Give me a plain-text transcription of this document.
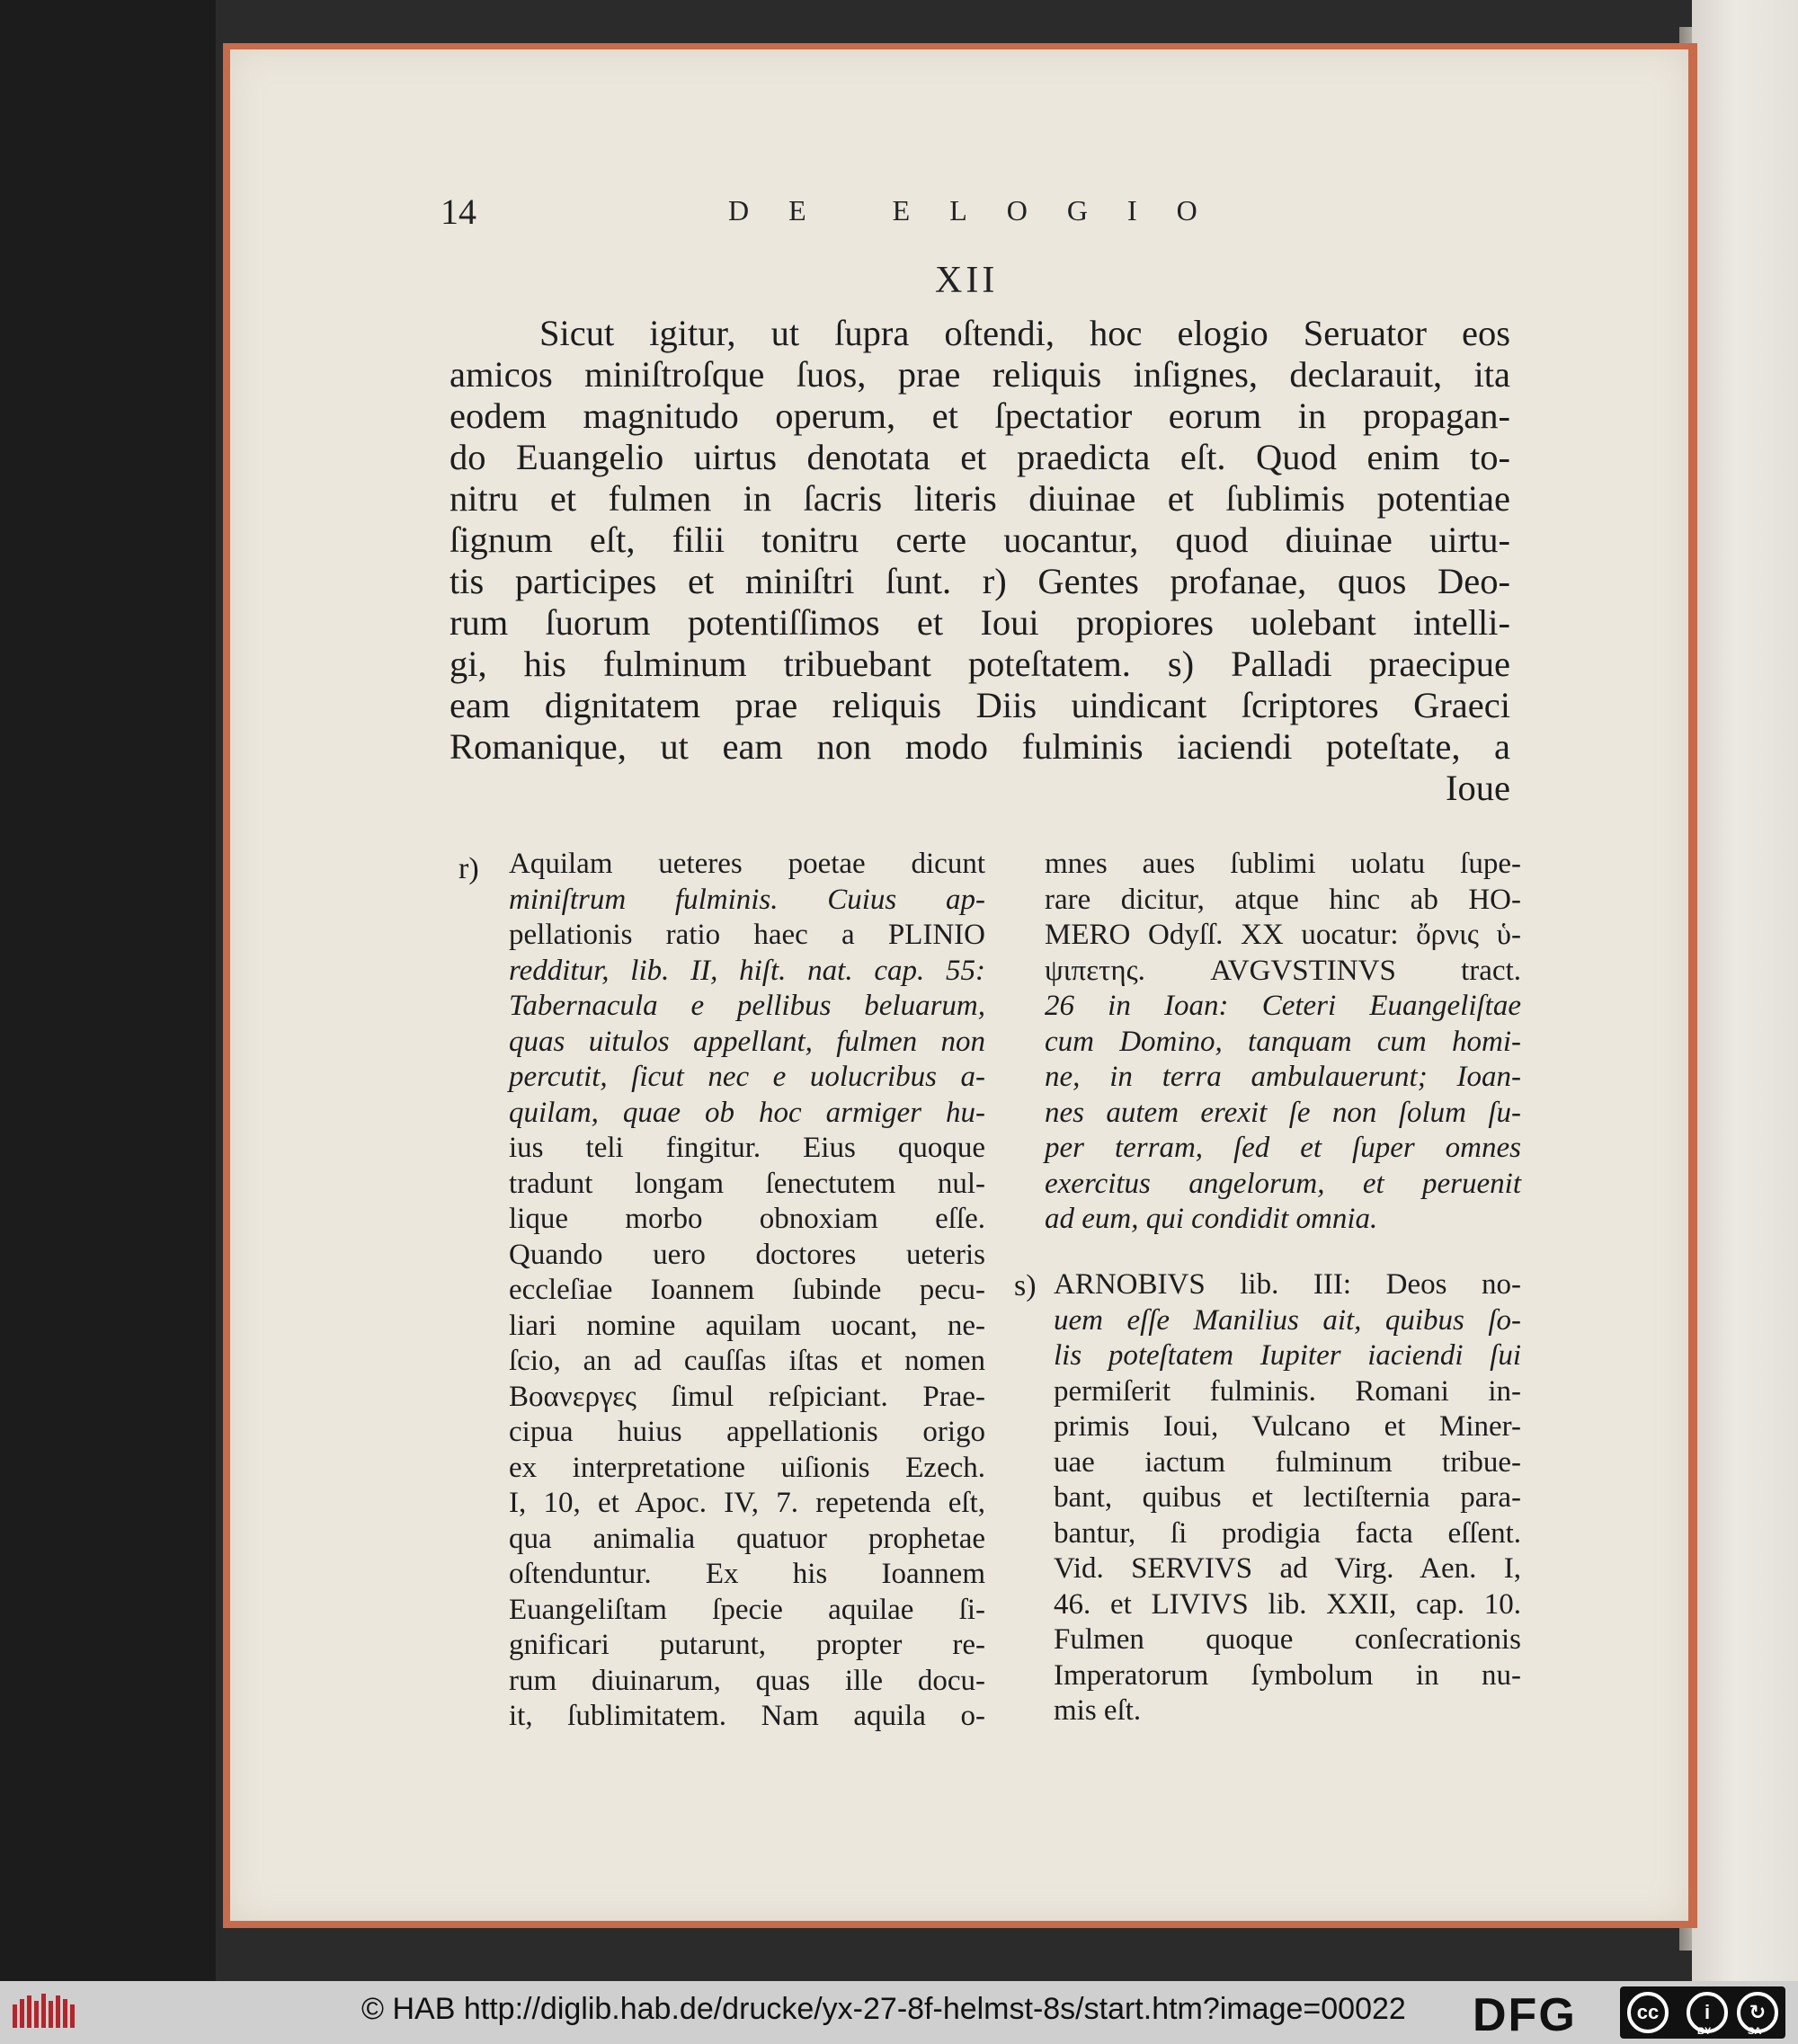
14	DE ELOGIO
XII
Sicut igitur, ut ſupra oſtendi, hoc elogio Seruator eos
amicos miniſtroſque ſuos, prae reliquis inſignes, declarauit, ita
eodem magnitudo operum, et ſpectatior eorum in propagan-
do Euangelio uirtus denotata et praedicta eſt. Quod enim to-
nitru et fulmen in ſacris literis diuinae et ſublimis potentiae
ſignum eſt, filii tonitru certe uocantur, quod diuinae uirtu-
tis participes et miniſtri ſunt. r) Gentes profanae, quos Deo-
rum ſuorum potentiſſimos et Ioui propiores uolebant intelli-
gi, his fulminum tribuebant poteſtatem. s) Palladi praecipue
eam dignitatem prae reliquis Diis uindicant ſcriptores Graeci
Romanique, ut eam non modo fulminis iaciendi poteſtate, a
Ioue
r) Aquilam ueteres poetae dicunt
miniſtrum fulminis. Cuius ap-
pellationis ratio haec a PLINIO
redditur, lib. II, hiſt. nat. cap. 55:
Tabernacula e pellibus beluarum,
quas uitulos appellant, fulmen non
percutit, ſicut nec e uolucribus a-
quilam, quae ob hoc armiger hu-
ius teli fingitur. Eius quoque
tradunt longam ſenectutem nul-
lique morbo obnoxiam eſſe.
Quando uero doctores ueteris
eccleſiae Ioannem ſubinde pecu-
liari nomine aquilam uocant, ne-
ſcio, an ad cauſſas iſtas et nomen
Βοανεργες ſimul reſpiciant. Prae-
cipua huius appellationis origo
ex interpretatione uiſionis Ezech.
I, 10, et Apoc. IV, 7. repetenda eſt,
qua animalia quatuor prophetae
oſtenduntur. Ex his Ioannem
Euangeliſtam ſpecie aquilae ſi-
gnificari putarunt, propter re-
rum diuinarum, quas ille docu-
it, ſublimitatem. Nam aquila o-
mnes aues ſublimi uolatu ſupe-
rare dicitur, atque hinc ab HO-
MERO Odyſſ. XX uocatur: ὄρνις ὑ-
ψιπετης. AVGVSTINVS tract.
26 in Ioan: Ceteri Euangeliſtae
cum Domino, tanquam cum homi-
ne, in terra ambulauerunt; Ioan-
nes autem erexit ſe non ſolum ſu-
per terram, ſed et ſuper omnes
exercitus angelorum, et peruenit
ad eum, qui condidit omnia.
s) ARNOBIVS lib. III: Deos no-
uem eſſe Manilius ait, quibus ſo-
lis poteſtatem Iupiter iaciendi ſui
permiſerit fulminis. Romani in-
primis Ioui, Vulcano et Miner-
uae iactum fulminum tribue-
bant, quibus et lectiſternia para-
bantur, ſi prodigia facta eſſent.
Vid. SERVIVS ad Virg. Aen. I,
46. et LIVIVS lib. XXII, cap. 10.
Fulmen quoque conſecrationis
Imperatorum ſymbolum in nu-
mis eſt.
© HAB http://diglib.hab.de/drucke/yx-27-8f-helmst-8s/start.htm?image=00022 DFG	cc	i
BY
↻
SA
